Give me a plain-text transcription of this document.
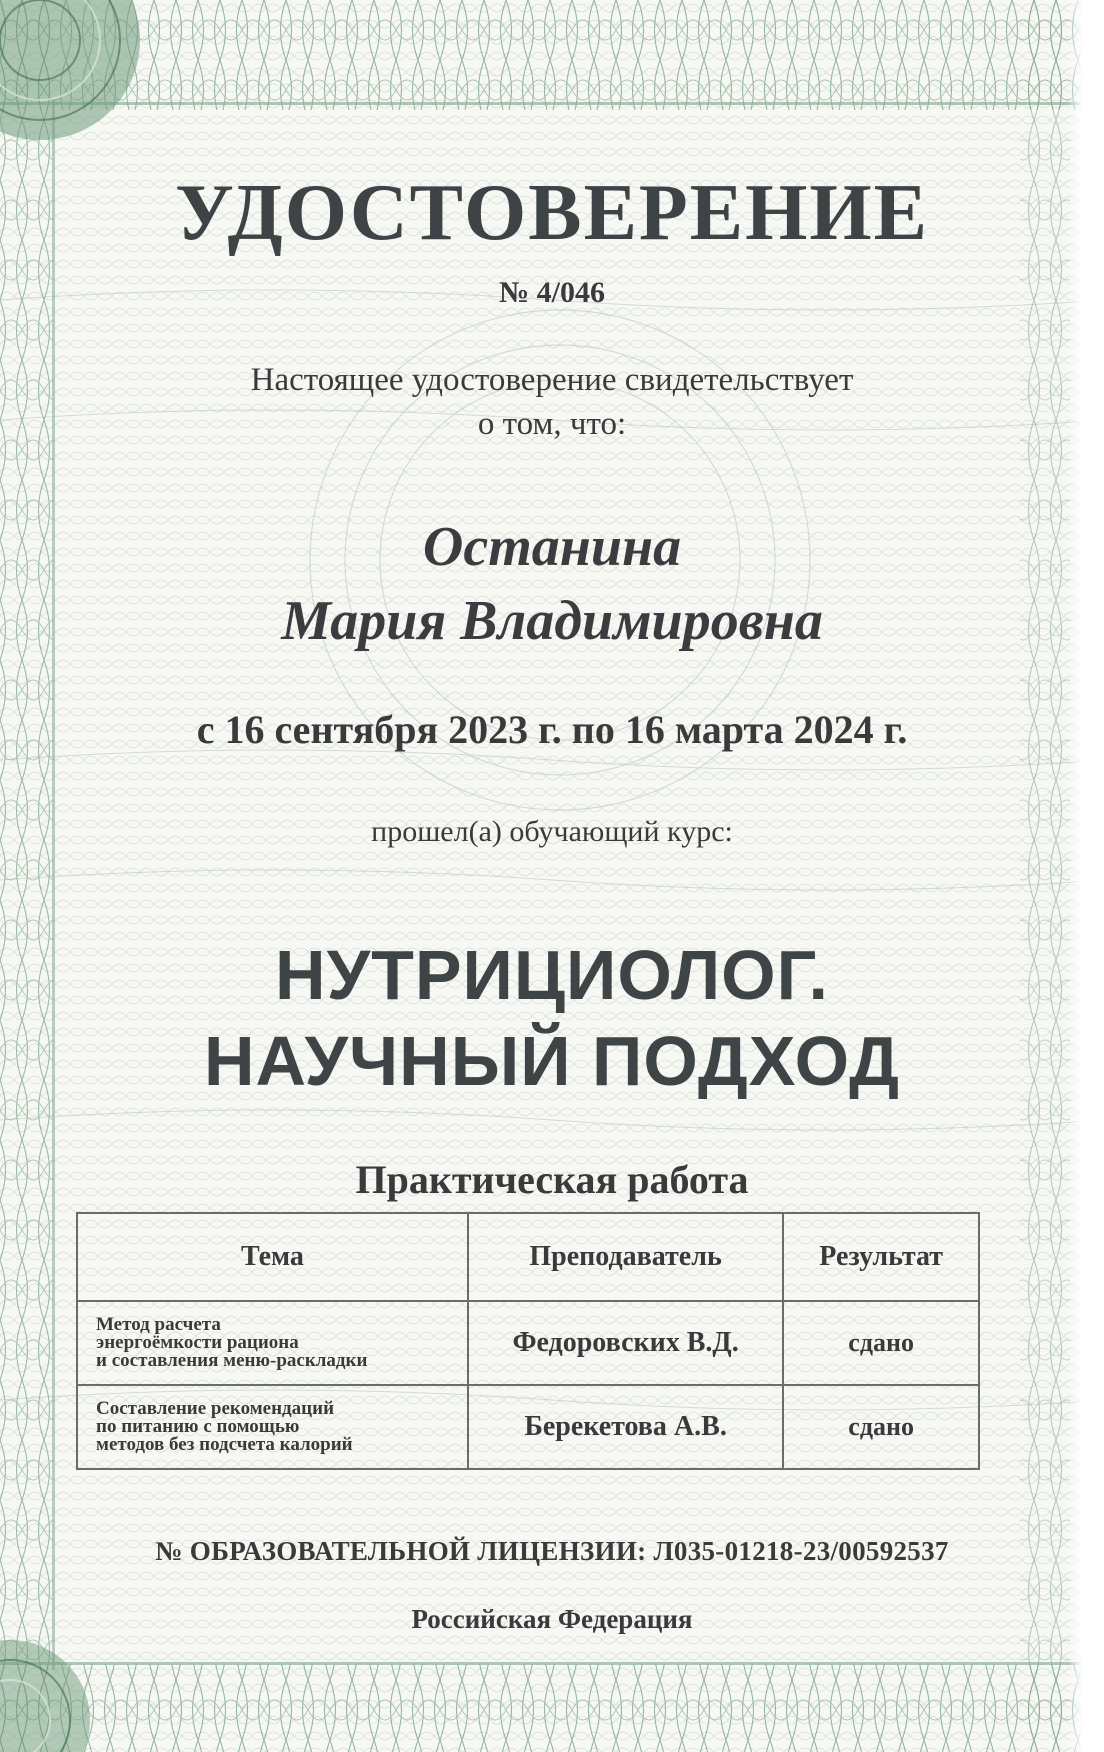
УДОСТОВЕРЕНИЕ
№ 4/046
Настоящее удостоверение свидетельствует
о том, что:
Останина
Мария Владимировна
с 16 сентября 2023 г. по 16 марта 2024 г.
прошел(а) обучающий курс:
НУТРИЦИОЛОГ.
НАУЧНЫЙ ПОДХОД
Практическая работа
Тема	Преподаватель	Результат

Метод расчета
энергоёмкости рациона
и составления меню-раскладки	Федоровских В.Д.	сдано

Составление рекомендаций
по питанию с помощью
методов без подсчета калорий	Берекетова А.В.	сдано
№ ОБРАЗОВАТЕЛЬНОЙ ЛИЦЕНЗИИ: Л035-01218-23/00592537
Российская Федерация
